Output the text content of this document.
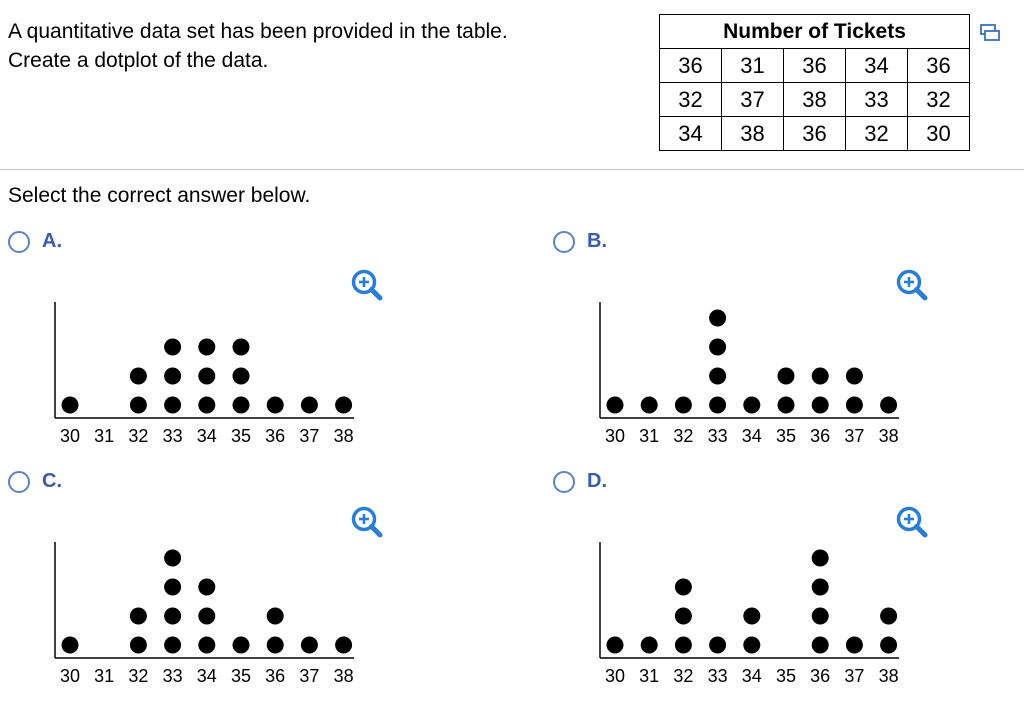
A quantitative data set has been provided in the table.
Create a dotplot of the data.
Number of Tickets				
36	31	36	34	36
32	37	38	33	32
34	38	36	32	30
Select the correct answer below.
A.
30 31 32 33 34 35 36 37 38
B.
30 31 32 33 34 35 36 37 38
C.
30 31 32 33 34 35 36 37 38
D.
30 31 32 33 34 35 36 37 38
